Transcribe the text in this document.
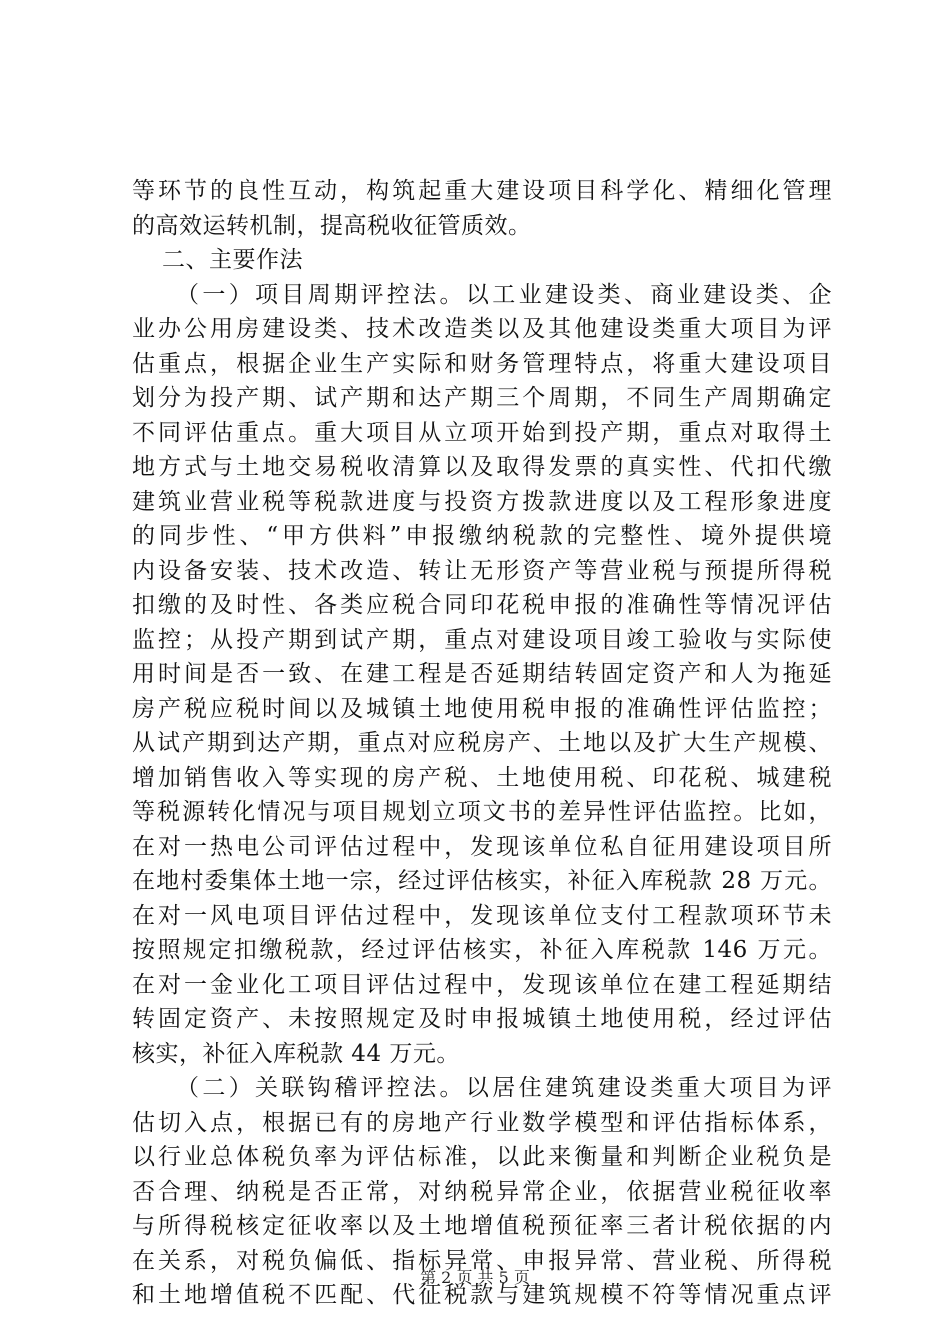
等环节的良性互动，构筑起重大建设项目科学化、精细化管理
的高效运转机制，提高税收征管质效。
二、主要作法
（一）项目周期评控法。以工业建设类、商业建设类、企
业办公用房建设类、技术改造类以及其他建设类重大项目为评
估重点，根据企业生产实际和财务管理特点，将重大建设项目
划分为投产期、试产期和达产期三个周期，不同生产周期确定
不同评估重点。重大项目从立项开始到投产期，重点对取得土
地方式与土地交易税收清算以及取得发票的真实性、代扣代缴
建筑业营业税等税款进度与投资方拨款进度以及工程形象进度
的同步性、“甲方供料”申报缴纳税款的完整性、境外提供境
内设备安装、技术改造、转让无形资产等营业税与预提所得税
扣缴的及时性、各类应税合同印花税申报的准确性等情况评估
监控；从投产期到试产期，重点对建设项目竣工验收与实际使
用时间是否一致、在建工程是否延期结转固定资产和人为拖延
房产税应税时间以及城镇土地使用税申报的准确性评估监控；
从试产期到达产期，重点对应税房产、土地以及扩大生产规模、
增加销售收入等实现的房产税、土地使用税、印花税、城建税
等税源转化情况与项目规划立项文书的差异性评估监控。比如，
在对一热电公司评估过程中，发现该单位私自征用建设项目所
在地村委集体土地一宗，经过评估核实，补征入库税款 28 万元。
在对一风电项目评估过程中，发现该单位支付工程款项环节未
按照规定扣缴税款，经过评估核实，补征入库税款 146 万元。
在对一金业化工项目评估过程中，发现该单位在建工程延期结
转固定资产、未按照规定及时申报城镇土地使用税，经过评估
核实，补征入库税款 44 万元。
（二）关联钩稽评控法。以居住建筑建设类重大项目为评
估切入点，根据已有的房地产行业数学模型和评估指标体系，
以行业总体税负率为评估标准，以此来衡量和判断企业税负是
否合理、纳税是否正常，对纳税异常企业，依据营业税征收率
与所得税核定征收率以及土地增值税预征率三者计税依据的内
在关系，对税负偏低、指标异常、申报异常、营业税、所得税
和土地增值税不匹配、代征税款与建筑规模不符等情况重点评
第 2 页 共 5 页
